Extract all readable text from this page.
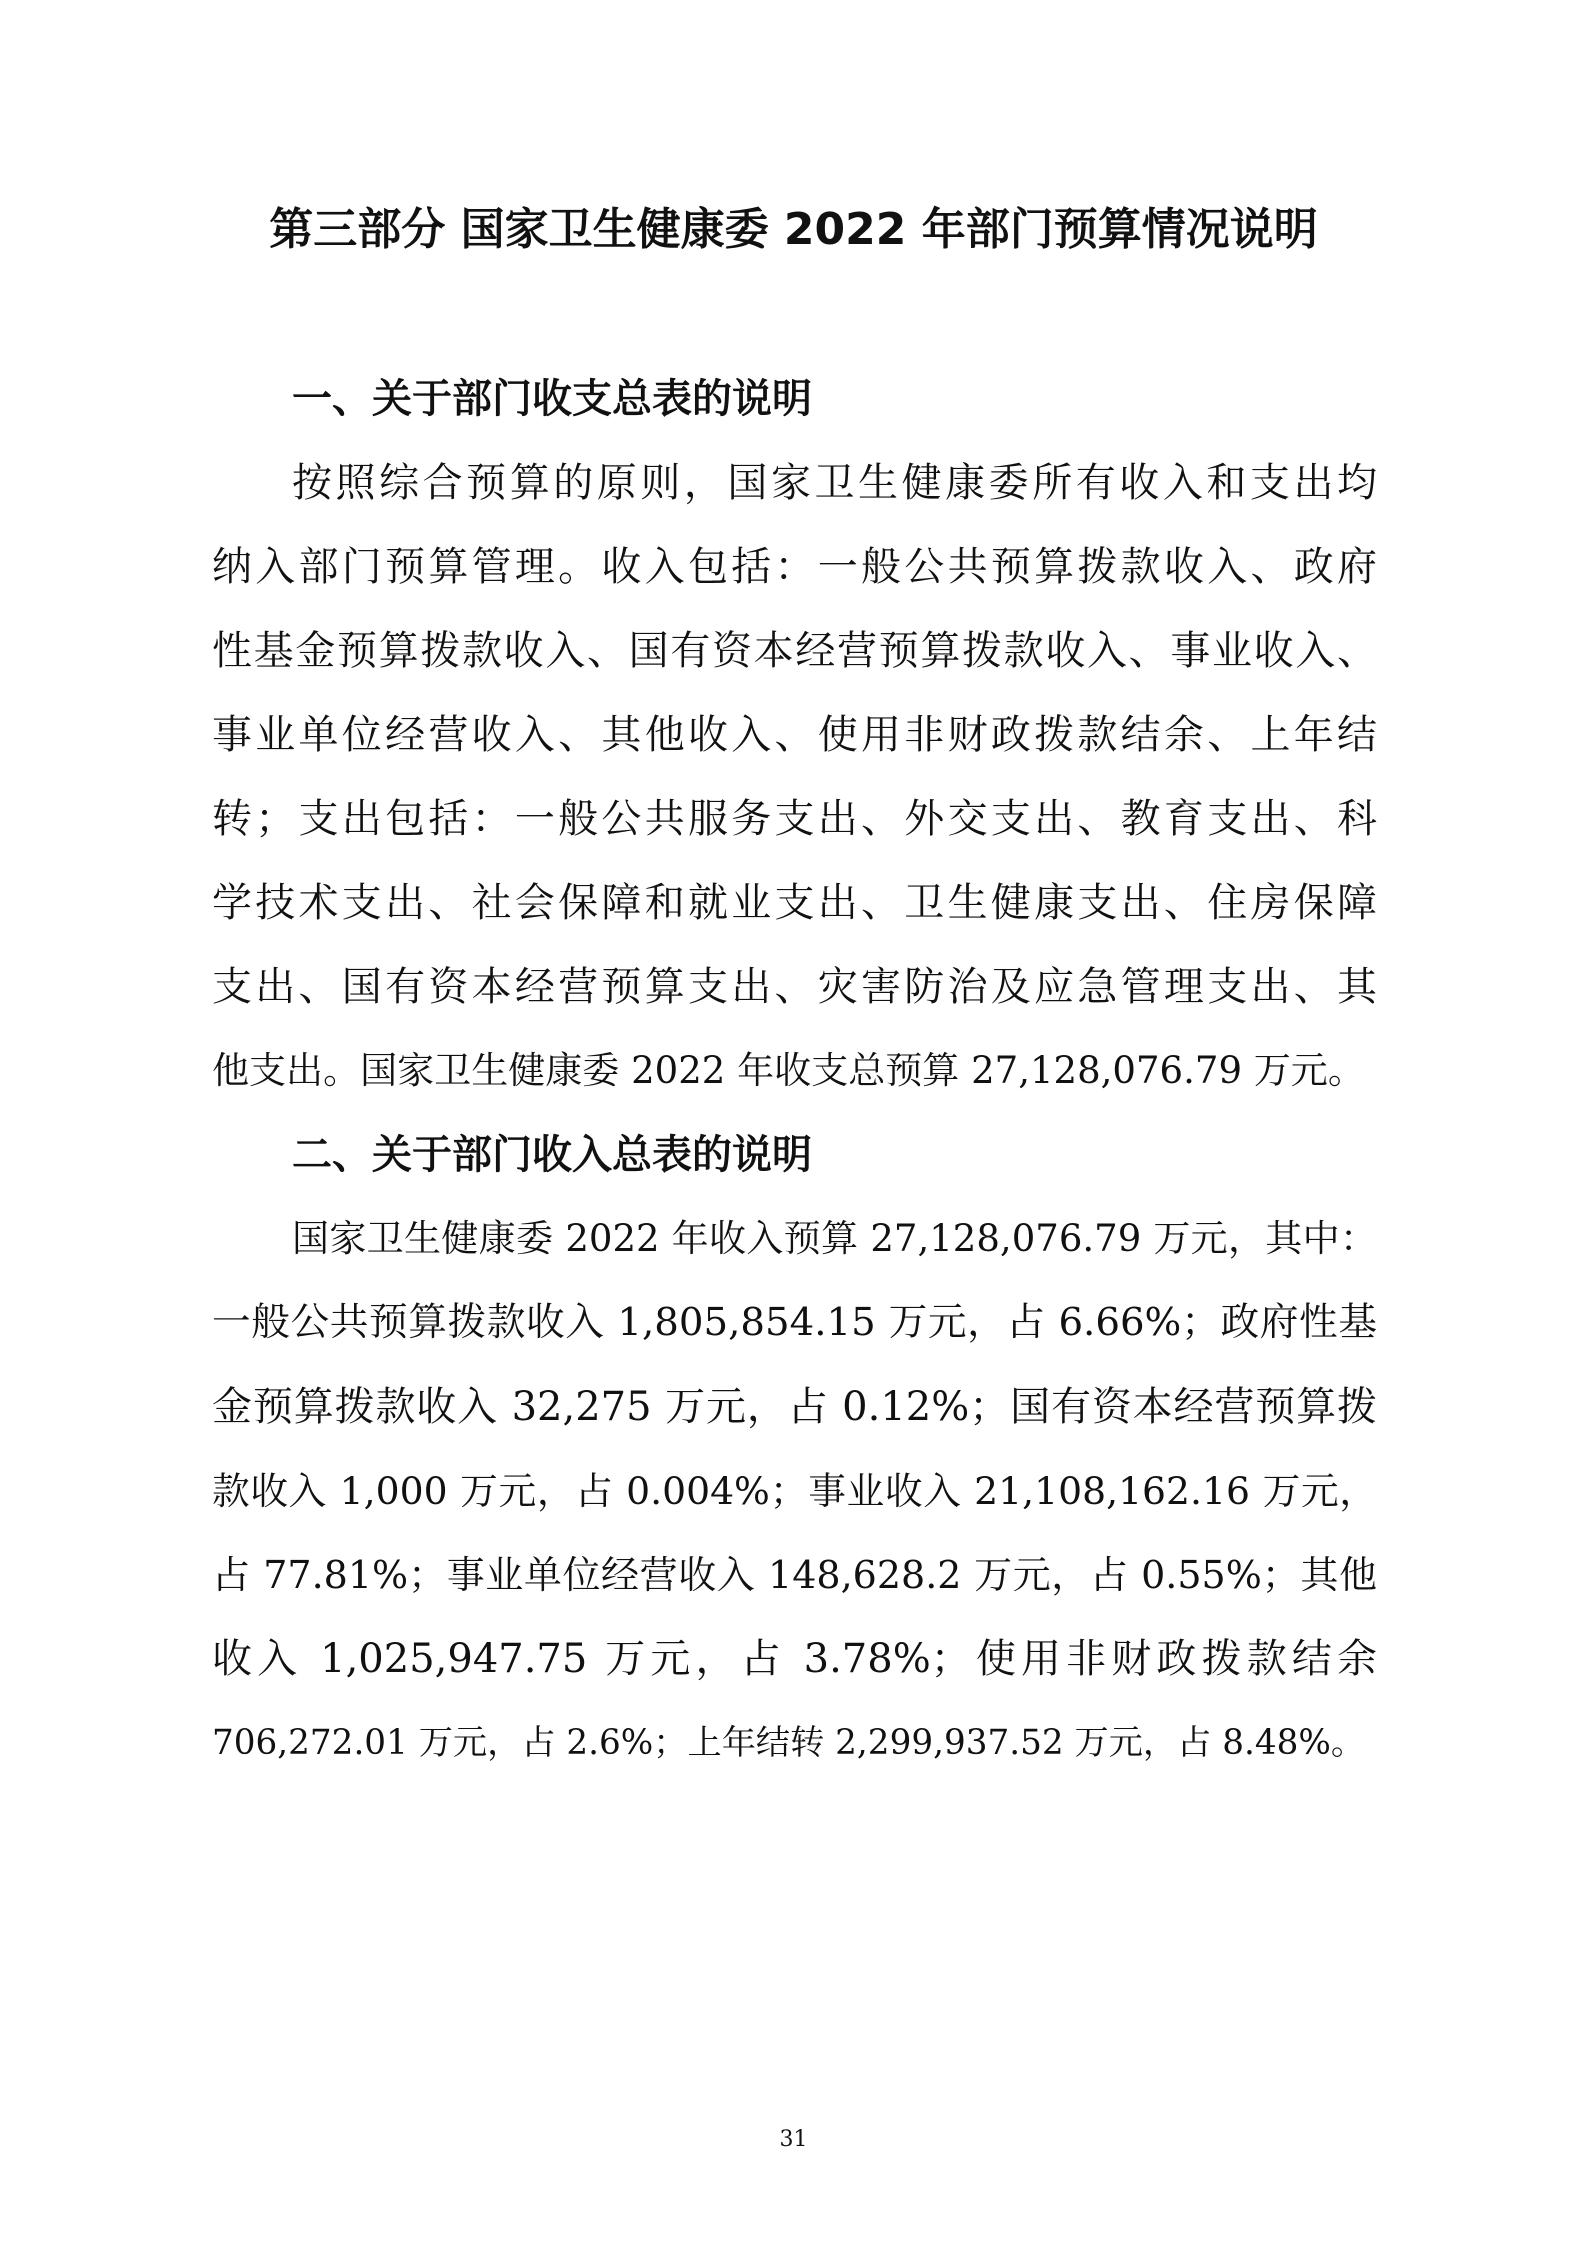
第三部分 国家卫生健康委 2022 年部门预算情况说明
一、关于部门收支总表的说明
按照综合预算的原则，国家卫生健康委所有收入和支出均
纳入部门预算管理。收入包括：一般公共预算拨款收入、政府
性基金预算拨款收入、国有资本经营预算拨款收入、事业收入、
事业单位经营收入、其他收入、使用非财政拨款结余、上年结
转；支出包括：一般公共服务支出、外交支出、教育支出、科
学技术支出、社会保障和就业支出、卫生健康支出、住房保障
支出、国有资本经营预算支出、灾害防治及应急管理支出、其
他支出。国家卫生健康委 2022 年收支总预算 27,128,076.79 万元。
二、关于部门收入总表的说明
国家卫生健康委 2022 年收入预算 27,128,076.79 万元，其中：
一般公共预算拨款收入 1,805,854.15 万元，占 6.66%；政府性基
金预算拨款收入 32,275 万元，占 0.12%；国有资本经营预算拨
款收入 1,000 万元，占 0.004%；事业收入 21,108,162.16 万元，
占 77.81%；事业单位经营收入 148,628.2 万元，占 0.55%；其他
收入 1,025,947.75 万元，占 3.78%；使用非财政拨款结余
706,272.01 万元，占 2.6%；上年结转 2,299,937.52 万元，占 8.48%。
31
